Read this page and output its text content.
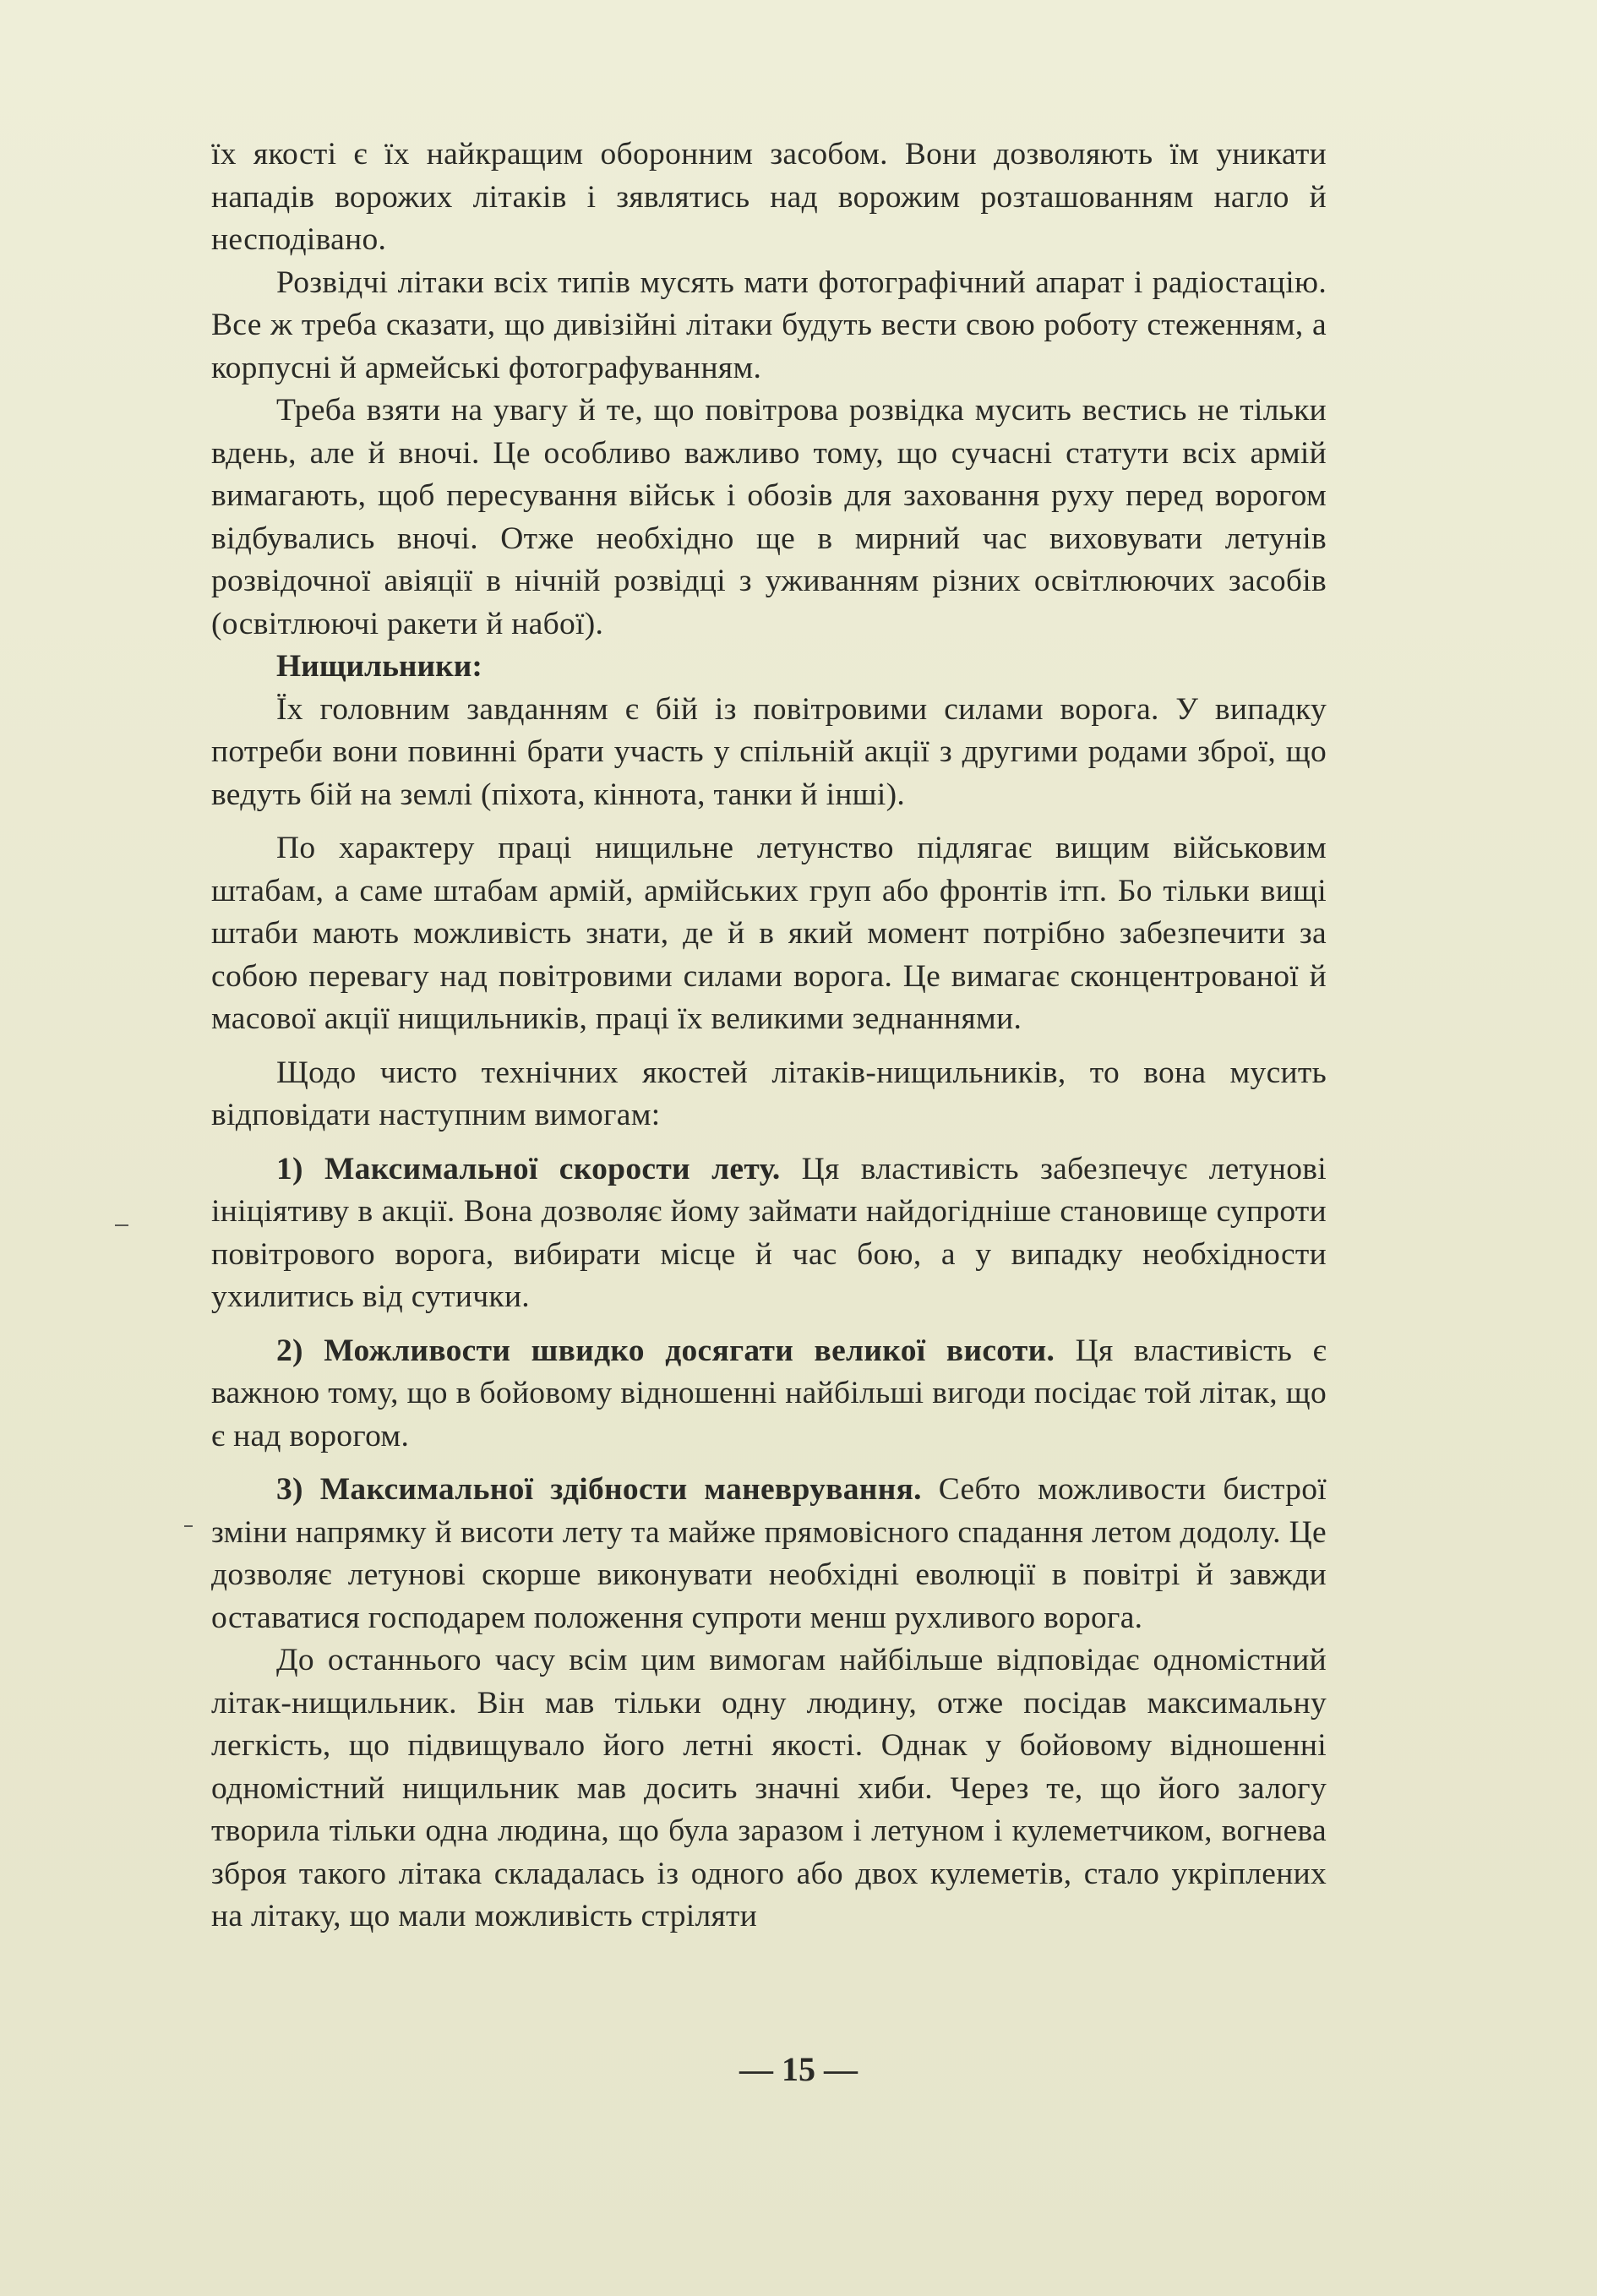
їх якості є їх найкращим оборонним засобом. Вони дозволяють їм уникати нападів ворожих літаків і зявлятись над ворожим розташованням нагло й несподівано.

Розвідчі літаки всіх типів мусять мати фотографічний апарат і радіостацію. Все ж треба сказати, що дивізійні літаки будуть вести свою роботу стеженням, а корпусні й армейські фотографуванням.

Треба взяти на увагу й те, що повітрова розвідка мусить вестись не тільки вдень, але й вночі. Це особливо важливо тому, що сучасні статути всіх армій вимагають, щоб пересування військ і обозів для заховання руху перед ворогом відбувались вночі. Отже необхідно ще в мирний час виховувати летунів розвідочної авіяції в нічній розвідці з уживанням різних освітлюючих засобів (освітлюючі ракети й набої).

Нищильники:

Їх головним завданням є бій із повітровими силами ворога. У випадку потреби вони повинні брати участь у спільній акції з другими родами зброї, що ведуть бій на землі (піхота, кіннота, танки й інші).

По характеру праці нищильне летунство підлягає вищим військовим штабам, а саме штабам армій, армійських груп або фронтів ітп. Бо тільки вищі штаби мають можливість знати, де й в який момент потрібно забезпечити за собою перевагу над повітровими силами ворога. Це вимагає сконцентрованої й масової акції нищильників, праці їх великими зеднаннями.

Щодо чисто технічних якостей літаків-нищильників, то вона мусить відповідати наступним вимогам:

1) Максимальної скорости лету. Ця властивість забезпечує летунові ініціятиву в акції. Вона дозволяє йому займати найдогідніше становище супроти повітрового ворога, вибирати місце й час бою, а у випадку необхідности ухилитись від сутички.

2) Можливости швидко досягати великої висоти. Ця властивість є важною тому, що в бойовому відношенні найбільші вигоди посідає той літак, що є над ворогом.

3) Максимальної здібности маневрування. Себто можливости бистрої зміни напрямку й висоти лету та майже прямовісного спадання летом додолу. Це дозволяє летунові скорше виконувати необхідні еволюції в повітрі й завжди оставатися господарем положення супроти менш рухливого ворога.

До останнього часу всім цим вимогам найбільше відповідає одномістний літак-нищильник. Він мав тільки одну людину, отже посідав максимальну легкість, що підвищувало його летні якості. Однак у бойовому відношенні одномістний нищильник мав досить значні хиби. Через те, що його залогу творила тільки одна людина, що була заразом і летуном і кулеметчиком, вогнева зброя такого літака складалась із одного або двох кулеметів, стало укріплених на літаку, що мали можливість стріляти

— 15 —
